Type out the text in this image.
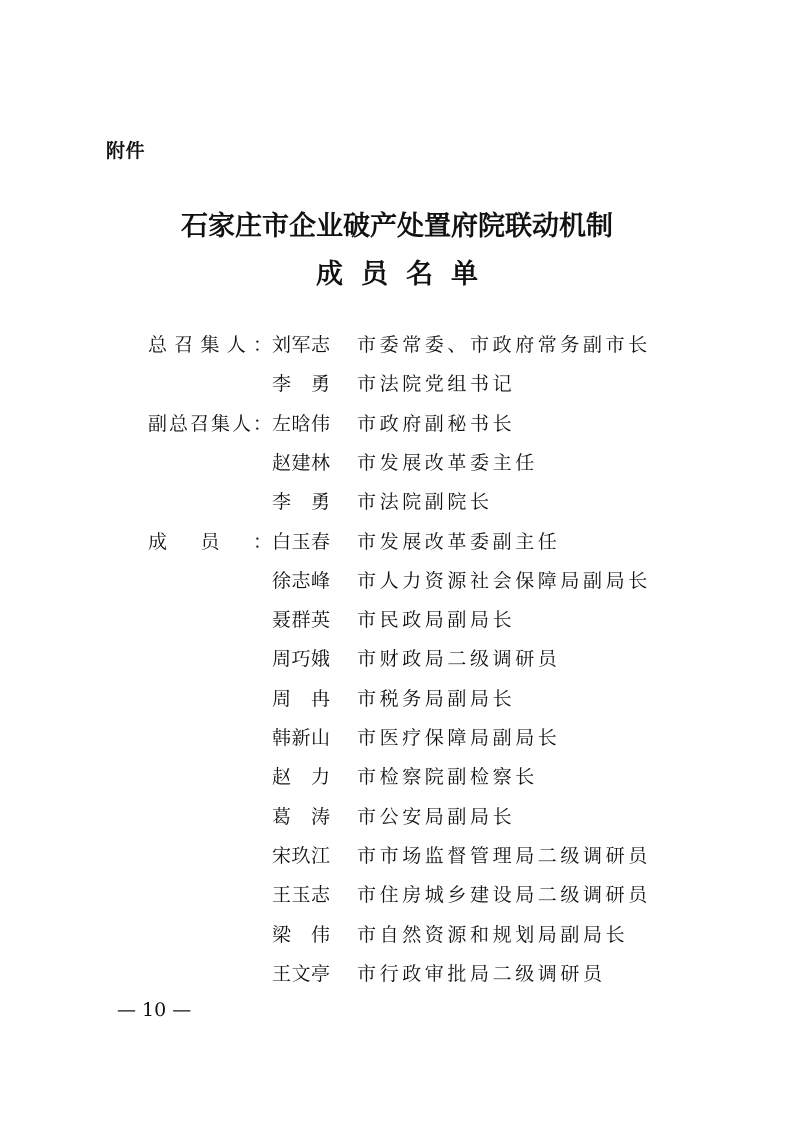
附件
石家庄市企业破产处置府院联动机制
成员名单
总 召 集 人 ： 刘 军 志 市委常委、市政府常务副市长
李 勇 市法院党组书记
副 总 召 集 人 ： 左 晗 伟 市政府副秘书长
赵 建 林 市发展改革委主任
李 勇 市法院副院长
成 员 ： 白 玉 春 市发展改革委副主任
徐 志 峰 市人力资源社会保障局副局长
聂 群 英 市民政局副局长
周 巧 娥 市财政局二级调研员
周 冉 市税务局副局长
韩 新 山 市医疗保障局副局长
赵 力 市检察院副检察长
葛 涛 市公安局副局长
宋 玖 江 市市场监督管理局二级调研员
王 玉 志 市住房城乡建设局二级调研员
梁 伟 市自然资源和规划局副局长
王 文 亭 市行政审批局二级调研员
— 10 —
